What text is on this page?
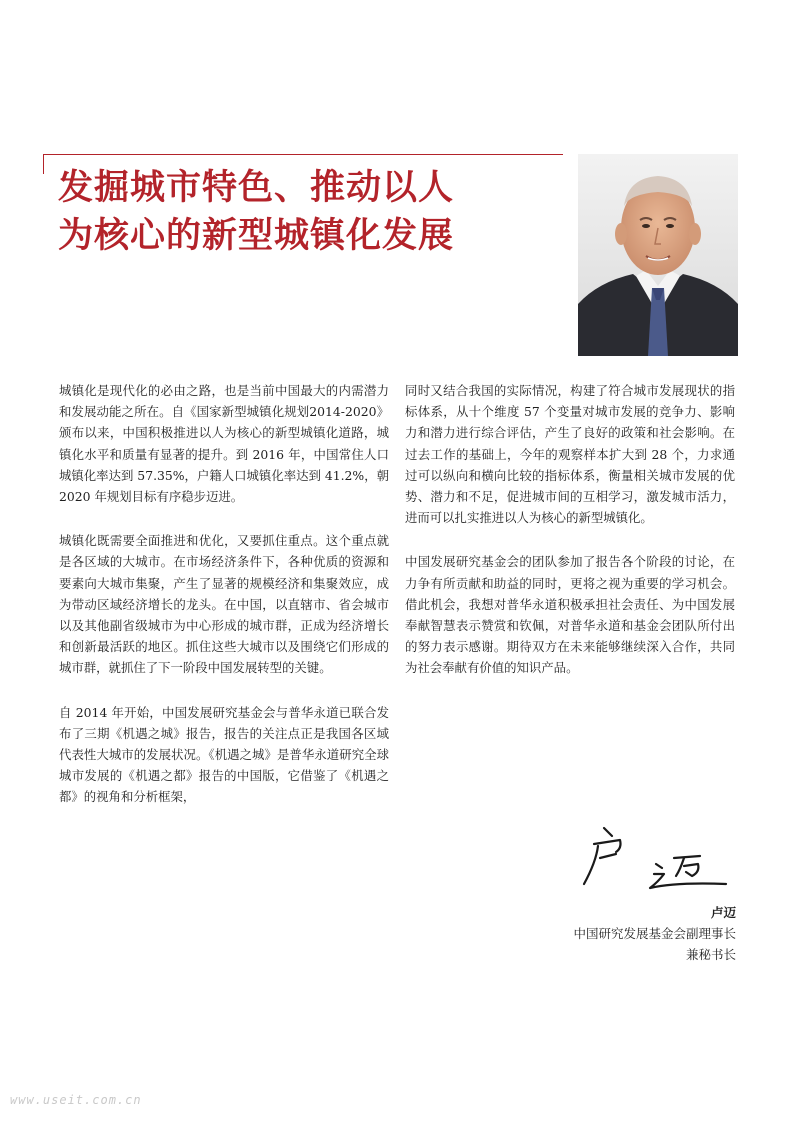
发掘城市特色、推动以人
为核心的新型城镇化发展

城镇化是现代化的必由之路，也是当前中国最大的内需潜力和发展动能之所在。自《国家新型城镇化规划2014-2020》颁布以来，中国积极推进以人为核心的新型城镇化道路，城镇化水平和质量有显著的提升。到 2016 年，中国常住人口城镇化率达到 57.35%，户籍人口城镇化率达到 41.2%，朝 2020 年规划目标有序稳步迈进。

城镇化既需要全面推进和优化，又要抓住重点。这个重点就是各区域的大城市。在市场经济条件下，各种优质的资源和要素向大城市集聚，产生了显著的规模经济和集聚效应，成为带动区域经济增长的龙头。在中国，以直辖市、省会城市以及其他副省级城市为中心形成的城市群，正成为经济增长和创新最活跃的地区。抓住这些大城市以及围绕它们形成的城市群，就抓住了下一阶段中国发展转型的关键。

自 2014 年开始，中国发展研究基金会与普华永道已联合发布了三期《机遇之城》报告，报告的关注点正是我国各区域代表性大城市的发展状况。《机遇之城》是普华永道研究全球城市发展的《机遇之都》报告的中国版，它借鉴了《机遇之都》的视角和分析框架，

同时又结合我国的实际情况，构建了符合城市发展现状的指标体系，从十个维度 57 个变量对城市发展的竞争力、影响力和潜力进行综合评估，产生了良好的政策和社会影响。在过去工作的基础上，今年的观察样本扩大到 28 个，力求通过可以纵向和横向比较的指标体系，衡量相关城市发展的优势、潜力和不足，促进城市间的互相学习，激发城市活力，进而可以扎实推进以人为核心的新型城镇化。

中国发展研究基金会的团队参加了报告各个阶段的讨论，在力争有所贡献和助益的同时，更将之视为重要的学习机会。借此机会，我想对普华永道积极承担社会责任、为中国发展奉献智慧表示赞赏和钦佩，对普华永道和基金会团队所付出的努力表示感谢。期待双方在未来能够继续深入合作，共同为社会奉献有价值的知识产品。

卢迈
中国研究发展基金会副理事长
兼秘书长
www.useit.com.cn
